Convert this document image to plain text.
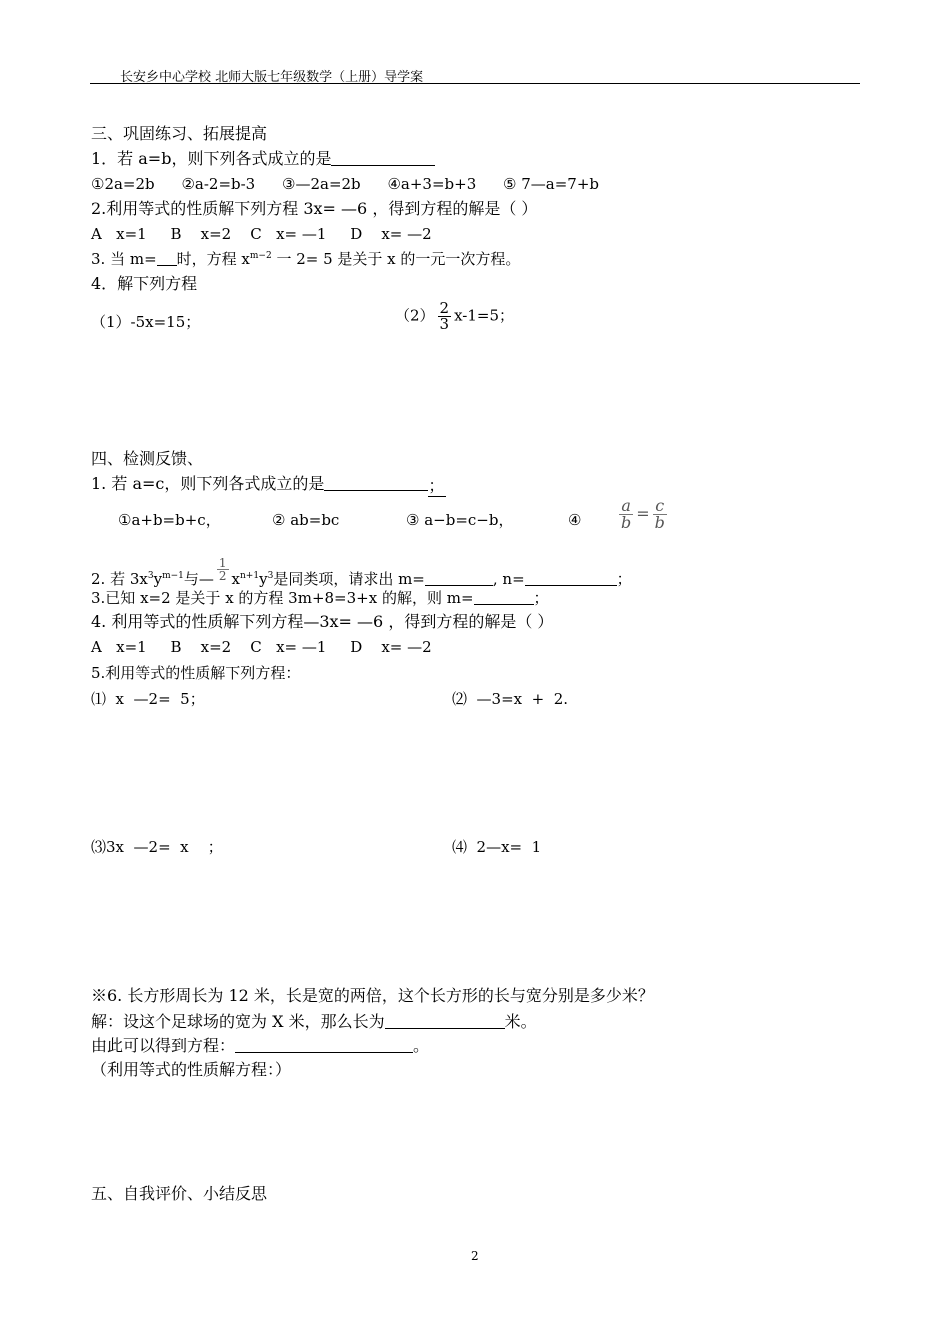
长安乡中心学校 北师大版七年级数学（上册）导学案
三、巩固练习、拓展提高
1．若 a=b，则下列各式成立的是
①2a=2b ②a-2=b-3 ③—2a=2b ④a+3=b+3 ⑤ 7—a=7+b
2.利用等式的性质解下列方程 3x= —6 ，得到方程的解是（ ）
A   x=1     B    x=2    C   x= —1     D    x= —2
3. 当 m= 时，方程 $x^{m-2}$ 一 2= 5 是关于 x 的一元一次方程。
4．解下列方程
（1）-5x=15；	$(2) \frac{2}{3} x-1=5$；
四、检测反馈、
1. 若 a=c，则下列各式成立的是	；
①a+b=b+c，	② ab=bc	③ a−b=c−b，	④ $\frac{a}{b} = \frac{c}{b}$
2. 若 $3x^3y^{m-1}$与— $\frac{1}{2} x^{n+1}y^3$是同类项，请求出 m=	, n=	；
3.已知 x=2 是关于 x 的方程 3m+8=3+x 的解，则 m=	；
4. 利用等式的性质解下列方程—3x= —6 ，得到方程的解是（ ）
A   x=1     B    x=2    C   x= —1     D    x= —2
5.利用等式的性质解下列方程：
⑴  x  —2=  5；	⑵  —3=x  +  2.
⑶3x  —2=  x    ；	⑷  2—x=  1
※6. 长方形周长为 12 米，长是宽的两倍，这个长方形的长与宽分别是多少米？
解：设这个足球场的宽为 X 米，那么长为	米。
由此可以得到方程：	。
（利用等式的性质解方程：）
五、自我评价、小结反思
2
